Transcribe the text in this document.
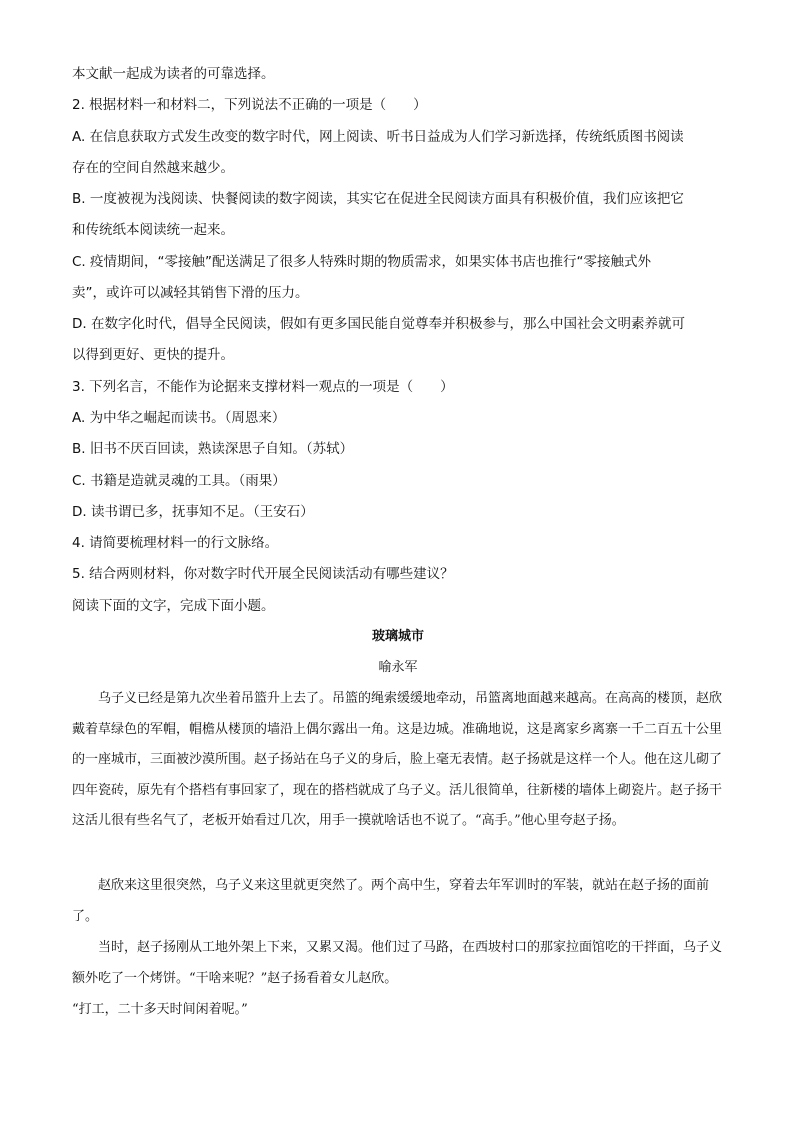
本文献一起成为读者的可靠选择。

2. 根据材料一和材料二，下列说法不正确的一项是（　　）

A. 在信息获取方式发生改变的数字时代，网上阅读、听书日益成为人们学习新选择，传统纸质图书阅读

存在的空间自然越来越少。

B. 一度被视为浅阅读、快餐阅读的数字阅读，其实它在促进全民阅读方面具有积极价值，我们应该把它

和传统纸本阅读统一起来。

C. 疫情期间，“零接触”配送满足了很多人特殊时期的物质需求，如果实体书店也推行“零接触式外

卖”，或许可以减轻其销售下滑的压力。

D. 在数字化时代，倡导全民阅读，假如有更多国民能自觉尊奉并积极参与，那么中国社会文明素养就可

以得到更好、更快的提升。

3. 下列名言，不能作为论据来支撑材料一观点的一项是（　　）

A. 为中华之崛起而读书。（周恩来）

B. 旧书不厌百回读，熟读深思子自知。（苏轼）

C. 书籍是造就灵魂的工具。（雨果）

D. 读书谓已多，抚事知不足。（王安石）

4. 请简要梳理材料一的行文脉络。

5. 结合两则材料，你对数字时代开展全民阅读活动有哪些建议？

阅读下面的文字，完成下面小题。

玻璃城市

喻永军

　　乌子义已经是第九次坐着吊篮升上去了。吊篮的绳索缓缓地牵动，吊篮离地面越来越高。在高高的楼顶，赵欣戴着草绿色的军帽，帽檐从楼顶的墙沿上偶尔露出一角。这是边城。准确地说，这是离家乡离寨一千二百五十公里的一座城市，三面被沙漠所围。赵子扬站在乌子义的身后，脸上毫无表情。赵子扬就是这样一个人。他在这儿砌了四年瓷砖，原先有个搭档有事回家了，现在的搭档就成了乌子义。活儿很简单，往新楼的墙体上砌瓷片。赵子扬干这活儿很有些名气了，老板开始看过几次，用手一摸就啥话也不说了。“高手。”他心里夸赵子扬。

　　赵欣来这里很突然，乌子义来这里就更突然了。两个高中生，穿着去年军训时的军装，就站在赵子扬的面前了。

　　当时，赵子扬刚从工地外架上下来，又累又渴。他们过了马路，在西坡村口的那家拉面馆吃的干拌面，乌子义额外吃了一个烤饼。“干啥来呢？”赵子扬看着女儿赵欣。

“打工，二十多天时间闲着呢。”
